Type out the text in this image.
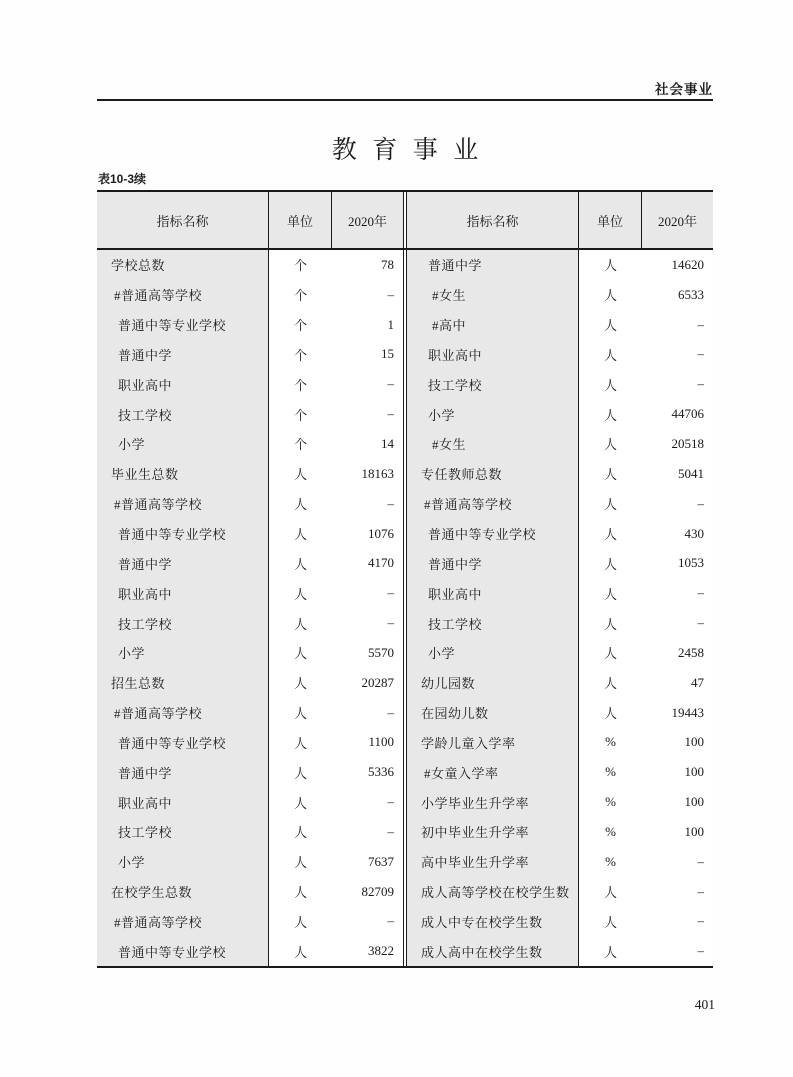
社会事业
教育事业
表10-3续
指标名称	单位	2020年
学校总数	个	78
#普通高等学校	个	–
普通中等专业学校	个	1
普通中学	个	15
职业高中	个	–
技工学校	个	–
小学	个	14
毕业生总数	人	18163
#普通高等学校	人	–
普通中等专业学校	人	1076
普通中学	人	4170
职业高中	人	–
技工学校	人	–
小学	人	5570
招生总数	人	20287
#普通高等学校	人	–
普通中等专业学校	人	1100
普通中学	人	5336
职业高中	人	–
技工学校	人	–
小学	人	7637
在校学生总数	人	82709
#普通高等学校	人	–
普通中等专业学校	人	3822
指标名称	单位	2020年
普通中学	人	14620
#女生	人	6533
#高中	人	–
职业高中	人	–
技工学校	人	–
小学	人	44706
#女生	人	20518
专任教师总数	人	5041
#普通高等学校	人	–
普通中等专业学校	人	430
普通中学	人	1053
职业高中	人	–
技工学校	人	–
小学	人	2458
幼儿园数	人	47
在园幼儿数	人	19443
学龄儿童入学率	%	100
#女童入学率	%	100
小学毕业生升学率	%	100
初中毕业生升学率	%	100
高中毕业生升学率	%	–
成人高等学校在校学生数	人	–
成人中专在校学生数	人	–
成人高中在校学生数	人	–
401
